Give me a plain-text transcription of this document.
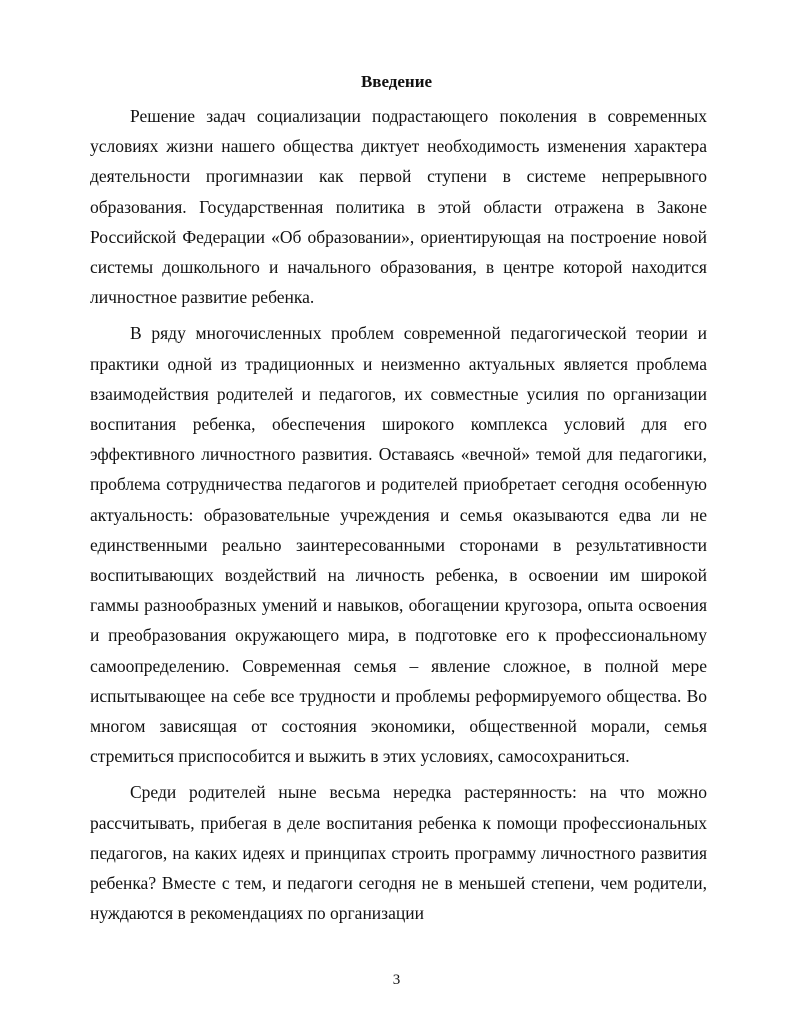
Введение

Решение задач социализации подрастающего поколения в современных условиях жизни нашего общества диктует необходимость изменения характера деятельности прогимназии как первой ступени в системе непрерывного образования. Государственная политика в этой области отражена в Законе Российской Федерации «Об образовании», ориентирующая на построение новой системы дошкольного и начального образования, в центре которой находится личностное развитие ребенка.

В ряду многочисленных проблем современной педагогической теории и практики одной из традиционных и неизменно актуальных является проблема взаимодействия родителей и педагогов, их совместные усилия по организации воспитания ребенка, обеспечения широкого комплекса условий для его эффективного личностного развития. Оставаясь «вечной» темой для педагогики, проблема сотрудничества педагогов и родителей приобретает сегодня особенную актуальность: образовательные учреждения и семья оказываются едва ли не единственными реально заинтересованными сторонами в результативности воспитывающих воздействий на личность ребенка, в освоении им широкой гаммы разнообразных умений и навыков, обогащении кругозора, опыта освоения и преобразования окружающего мира, в подготовке его к профессиональному самоопределению. Современная семья – явление сложное, в полной мере испытывающее на себе все трудности и проблемы реформируемого общества. Во многом зависящая от состояния экономики, общественной морали, семья стремиться приспособится и выжить в этих условиях, самосохраниться.

Среди родителей ныне весьма нередка растерянность: на что можно рассчитывать, прибегая в деле воспитания ребенка к помощи профессиональных педагогов, на каких идеях и принципах строить программу личностного развития ребенка? Вместе с тем, и педагоги сегодня не в меньшей степени, чем родители, нуждаются в рекомендациях по организации

3
